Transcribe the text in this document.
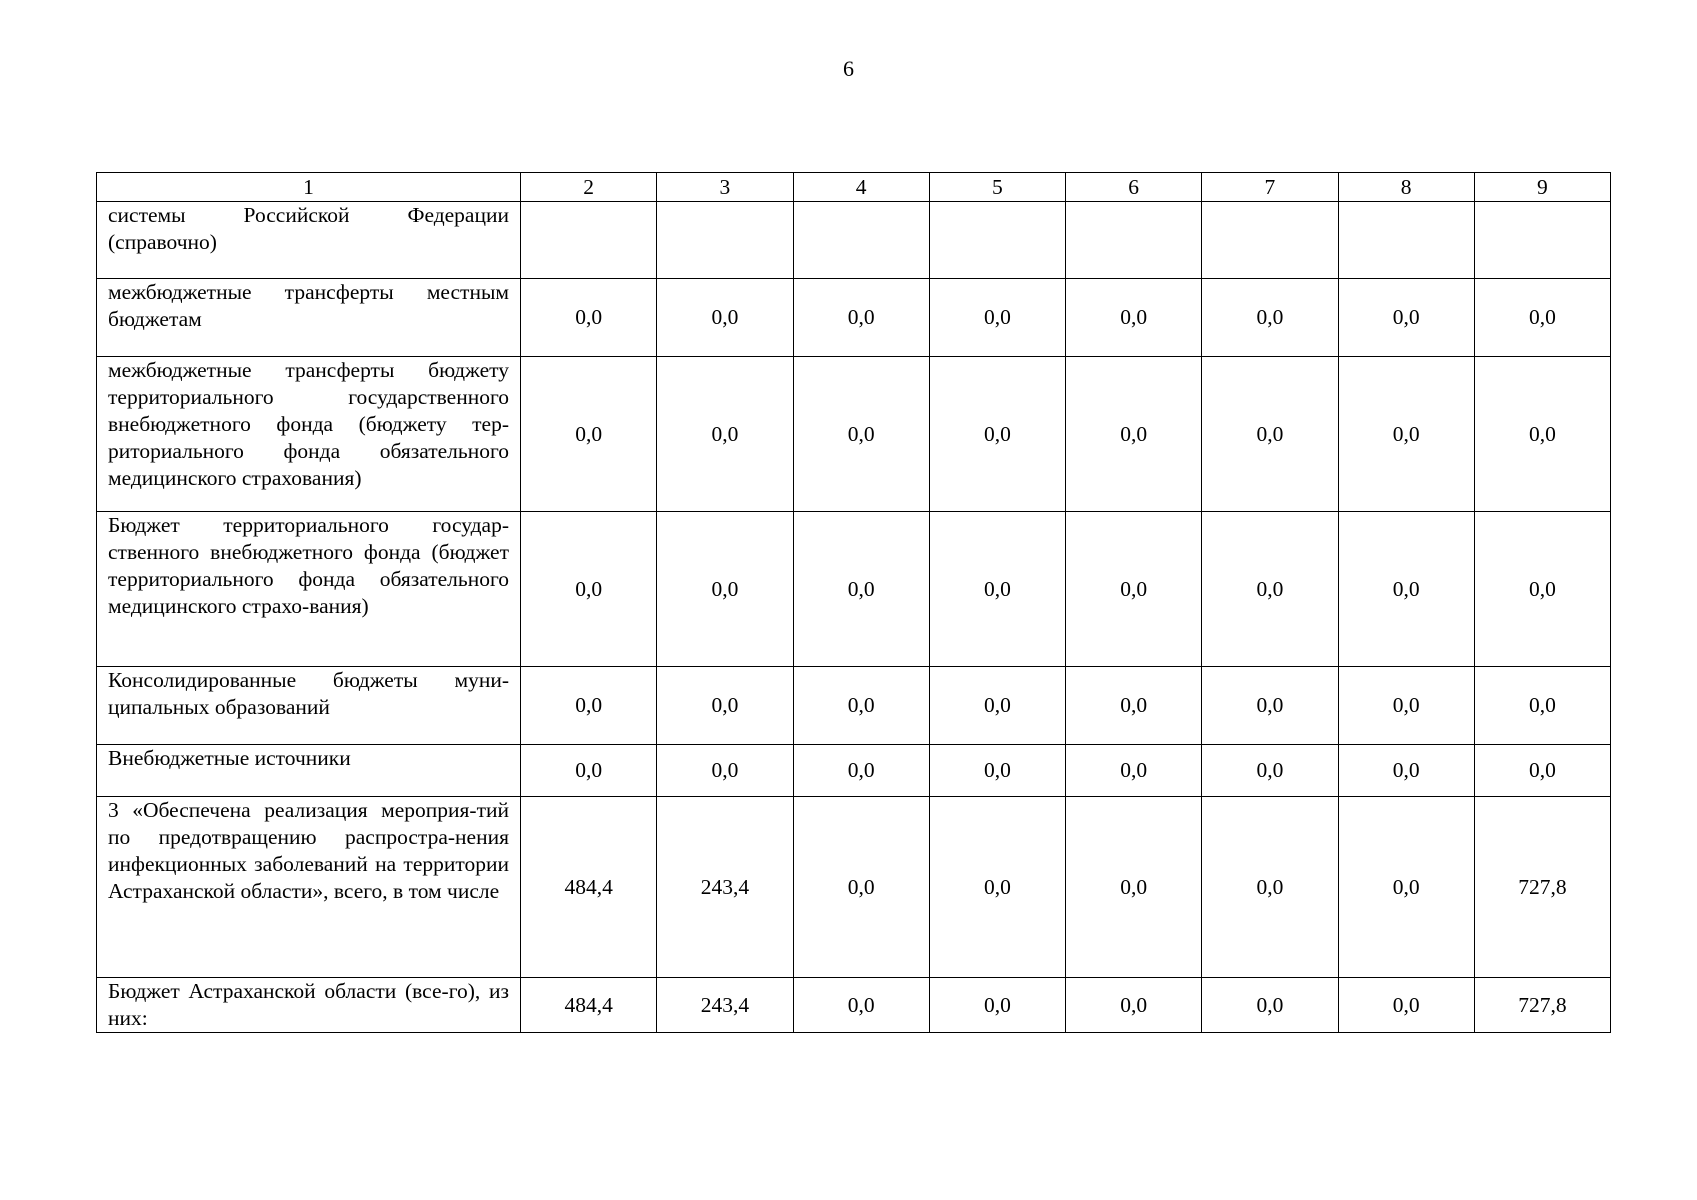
6
1	2	3	4	5	6	7	8	9
системы Российской Федерации (справочно)								
межбюджетные трансферты местным бюджетам	0,0	0,0	0,0	0,0	0,0	0,0	0,0	0,0
межбюджетные трансферты бюджету территориального государственного внебюджетного фонда (бюджету тер-риториального фонда обязательного медицинского страхования)	0,0	0,0	0,0	0,0	0,0	0,0	0,0	0,0
Бюджет территориального государ-ственного внебюджетного фонда (бюджет территориального фонда обязательного медицинского страхо-вания)	0,0	0,0	0,0	0,0	0,0	0,0	0,0	0,0
Консолидированные бюджеты муни-ципальных образований	0,0	0,0	0,0	0,0	0,0	0,0	0,0	0,0
Внебюджетные источники	0,0	0,0	0,0	0,0	0,0	0,0	0,0	0,0
3 «Обеспечена реализация мероприя-тий по предотвращению распростра-нения инфекционных заболеваний на территории Астраханской области», всего, в том числе	484,4	243,4	0,0	0,0	0,0	0,0	0,0	727,8
Бюджет Астраханской области (все-го), из них:	484,4	243,4	0,0	0,0	0,0	0,0	0,0	727,8
